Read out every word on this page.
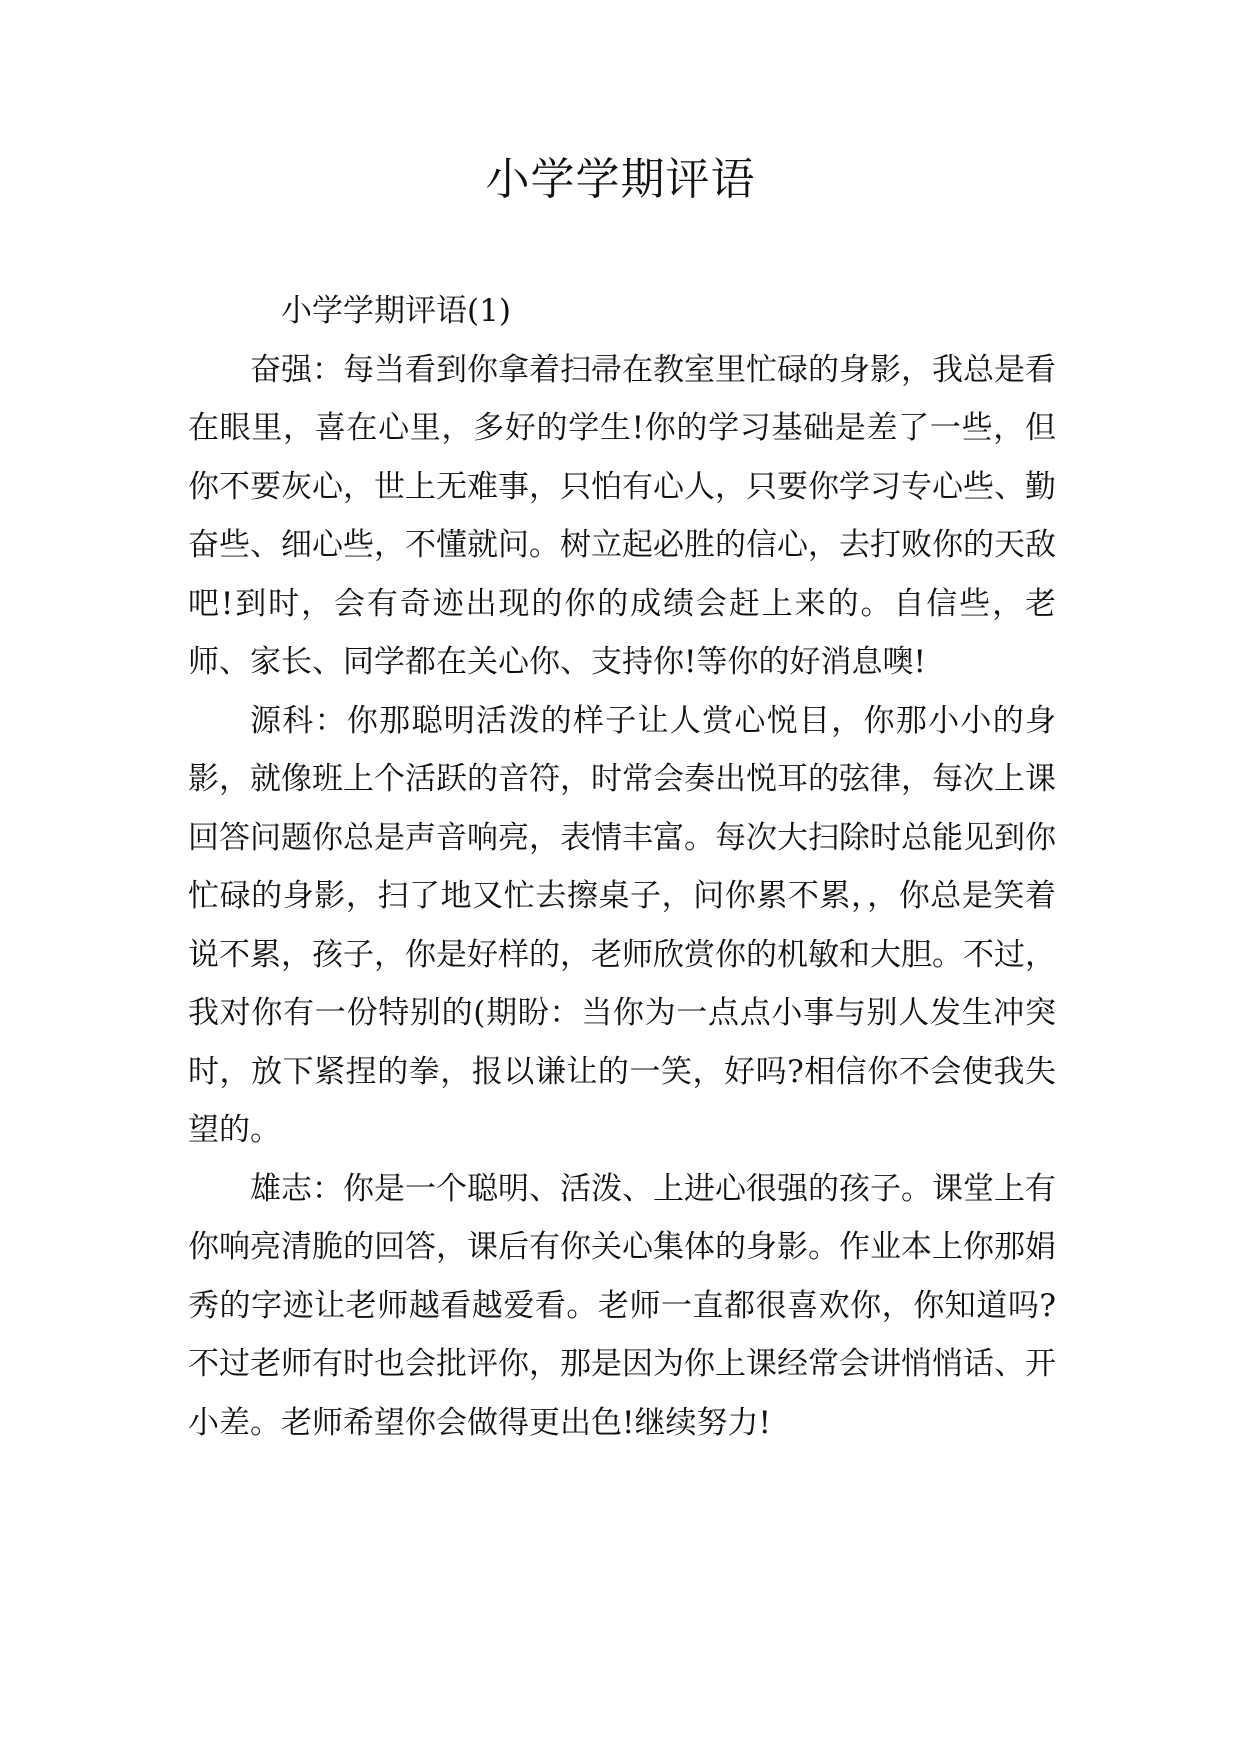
小学学期评语

小学学期评语(1)

奋强：每当看到你拿着扫帚在教室里忙碌的身影，我总是看在眼里，喜在心里，多好的学生!你的学习基础是差了一些，但你不要灰心，世上无难事，只怕有心人，只要你学习专心些、勤奋些、细心些，不懂就问。树立起必胜的信心，去打败你的天敌吧!到时，会有奇迹出现的你的成绩会赶上来的。自信些，老师、家长、同学都在关心你、支持你!等你的好消息噢!

源科：你那聪明活泼的样子让人赏心悦目，你那小小的身影，就像班上个活跃的音符，时常会奏出悦耳的弦律，每次上课回答问题你总是声音响亮，表情丰富。每次大扫除时总能见到你忙碌的身影，扫了地又忙去擦桌子，问你累不累，，你总是笑着说不累，孩子，你是好样的，老师欣赏你的机敏和大胆。不过，我对你有一份特别的(期盼：当你为一点点小事与别人发生冲突时，放下紧捏的拳，报以谦让的一笑，好吗?相信你不会使我失望的。

雄志：你是一个聪明、活泼、上进心很强的孩子。课堂上有你响亮清脆的回答，课后有你关心集体的身影。作业本上你那娟秀的字迹让老师越看越爱看。老师一直都很喜欢你，你知道吗?不过老师有时也会批评你，那是因为你上课经常会讲悄悄话、开小差。老师希望你会做得更出色!继续努力!
